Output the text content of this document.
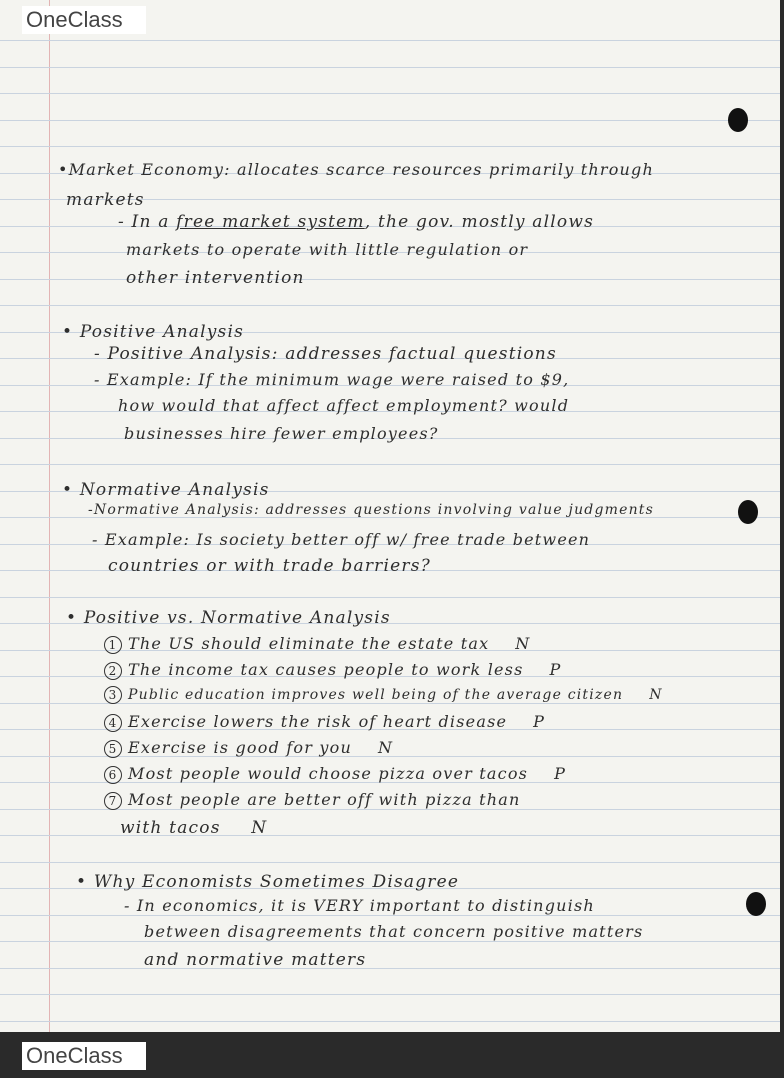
•Market Economy: allocates scarce resources primarily through
markets
- In a free market system, the gov. mostly allows
markets to operate with little regulation or
other intervention
• Positive Analysis
- Positive Analysis: addresses factual questions
- Example: If the minimum wage were raised to $9,
how would that affect affect employment? would
businesses hire fewer employees?
• Normative Analysis
-Normative Analysis: addresses questions involving value judgments
- Example: Is society better off w/ free trade between
countries or with trade barriers?
• Positive vs. Normative Analysis
1 The US should eliminate the estate tax N
2 The income tax causes people to work less P
3 Public education improves well being of the average citizen N
4 Exercise lowers the risk of heart disease P
5 Exercise is good for you N
6 Most people would choose pizza over tacos P
7 Most people are better off with pizza than
with tacos N
• Why Economists Sometimes Disagree
- In economics, it is VERY important to distinguish
between disagreements that concern positive matters
and normative matters
OneClass
OneClass
